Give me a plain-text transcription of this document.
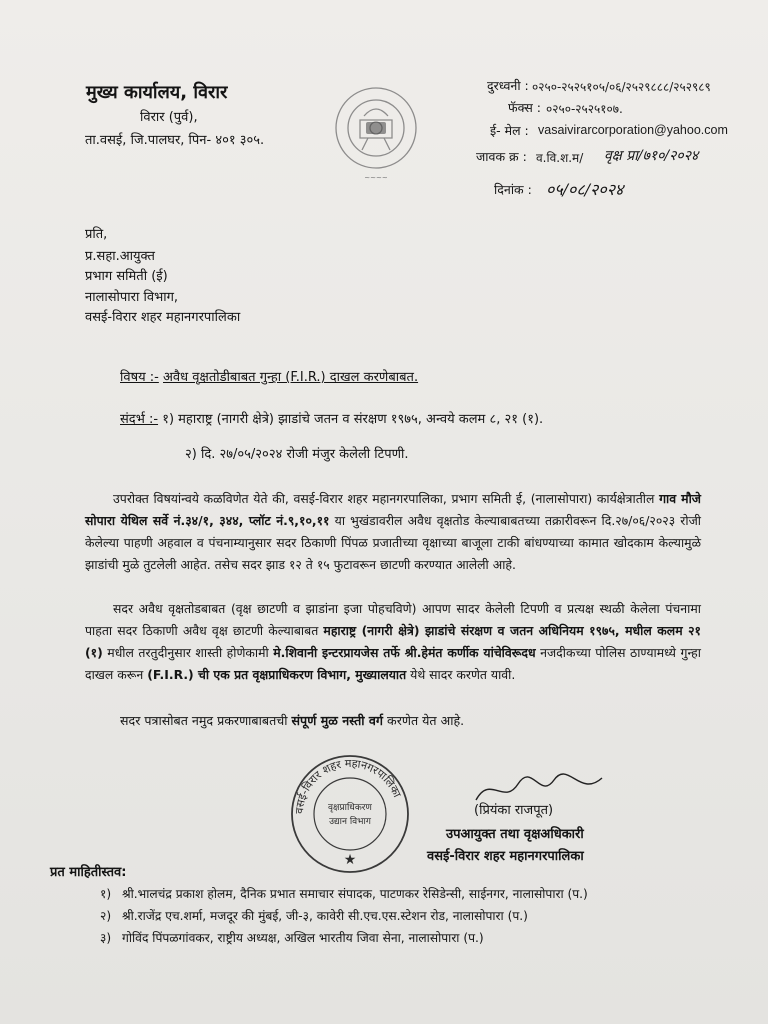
मुख्य कार्यालय, विरार
विरार (पुर्व),
ता.वसई, जि.पालघर, पिन- ४०१ ३०५.
~~~~
दुरध्वनी : ०२५०-२५२५१०५/०६/२५२९८८८/२५२९८९
फॅक्स : ०२५०-२५२५१०७.
ई- मेल : vasaivirarcorporation@yahoo.com
जावक क्र : व.वि.श.म/ वृक्ष प्रा/७१०/२०२४
दिनांक : ०५/०८/२०२४
प्रति,
प्र.सहा.आयुक्त
प्रभाग समिती (ई)
नालासोपारा विभाग,
वसई-विरार शहर महानगरपालिका
विषय :- अवैध वृक्षतोडीबाबत गुन्हा (F.I.R.) दाखल करणेबाबत.
संदर्भ :- १) महाराष्ट्र (नागरी क्षेत्रे) झाडांचे जतन व संरक्षण १९७५, अन्वये कलम ८, २१ (१).
२) दि. २७/०५/२०२४ रोजी मंजुर केलेली टिपणी.
उपरोक्त विषयांन्वये कळविणेत येते की, वसई-विरार शहर महानगरपालिका, प्रभाग समिती ई, (नालासोपारा) कार्यक्षेत्रातील गाव मौजे सोपारा येथिल सर्वे नं.३४/१, ३४४, प्लॉट नं.९,१०,११ या भुखंडावरील अवैध वृक्षतोड केल्याबाबतच्या तक्रारीवरून दि.२७/०६/२०२३ रोजी केलेल्या पाहणी अहवाल व पंचनाम्यानुसार सदर ठिकाणी पिंपळ प्रजातीच्या वृक्षाच्या बाजूला टाकी बांधण्याच्या कामात खोदकाम केल्यामुळे झाडांची मुळे तुटलेली आहेत. तसेच सदर झाड १२ ते १५ फुटावरून छाटणी करण्यात आलेली आहे.
सदर अवैध वृक्षतोडबाबत (वृक्ष छाटणी व झाडांना इजा पोहचविणे) आपण सादर केलेली टिपणी व प्रत्यक्ष स्थळी केलेला पंचनामा पाहता सदर ठिकाणी अवैध वृक्ष छाटणी केल्याबाबत महाराष्ट्र (नागरी क्षेत्रे) झाडांचे संरक्षण व जतन अधिनियम १९७५, मधील कलम २१ (१) मधील तरतुदीनुसार शास्ती होणेकामी मे.शिवानी इन्टरप्रायजेस तर्फे श्री.हेमंत कर्णीक यांचेविरूदध नजदीकच्या पोलिस ठाण्यामध्ये गुन्हा दाखल करून (F.I.R.) ची एक प्रत वृक्षप्राधिकरण विभाग, मुख्यालयात येथे सादर करणेत यावी.
सदर पत्रासोबत नमुद प्रकरणाबाबतची संपूर्ण मुळ नस्ती वर्ग करणेत येत आहे.
वसई-विरार शहर महानगरपालिका
वृक्षप्राधिकरण
उद्यान विभाग
★
(प्रियंका राजपूत)
उपआयुक्त तथा वृक्षअधिकारी
वसई-विरार शहर महानगरपालिका
प्रत माहितीस्तव:
१) श्री.भालचंद्र प्रकाश होलम, दैनिक प्रभात समाचार संपादक, पाटणकर रेसिडेन्सी, साईनगर, नालासोपारा (प.)
२) श्री.राजेंद्र एच.शर्मा, मजदूर की मुंबई, जी-३, कावेरी सी.एच.एस.स्टेशन रोड, नालासोपारा (प.)
३) गोविंद पिंपळगांवकर, राष्ट्रीय अध्यक्ष, अखिल भारतीय जिवा सेना, नालासोपारा (प.)
